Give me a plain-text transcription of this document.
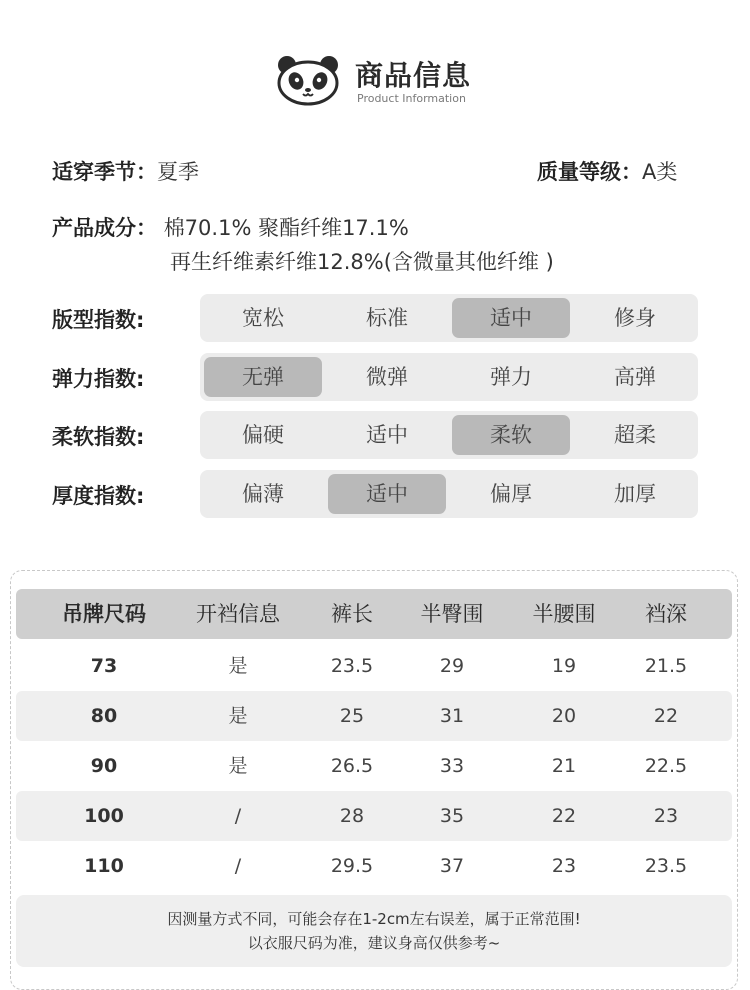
商品信息
Product Information
适穿季节：夏季	质量等级：A类
产品成分： 棉70.1% 聚酯纤维17.1%
再生纤维素纤维12.8%(含微量其他纤维 )
版型指数:	宽松	标准	适中	修身
弹力指数:	无弹	微弹	弹力	高弹
柔软指数:	偏硬	适中	柔软	超柔
厚度指数:	偏薄	适中	偏厚	加厚
吊牌尺码	开裆信息	裤长	半臀围	半腰围	裆深
73	是	23.5	29	19	21.5
80	是	25	31	20	22
90	是	26.5	33	21	22.5
100	/	28	35	22	23
110	/	29.5	37	23	23.5
因测量方式不同，可能会存在1-2cm左右误差，属于正常范围!
以衣服尺码为准，建议身高仅供参考~
